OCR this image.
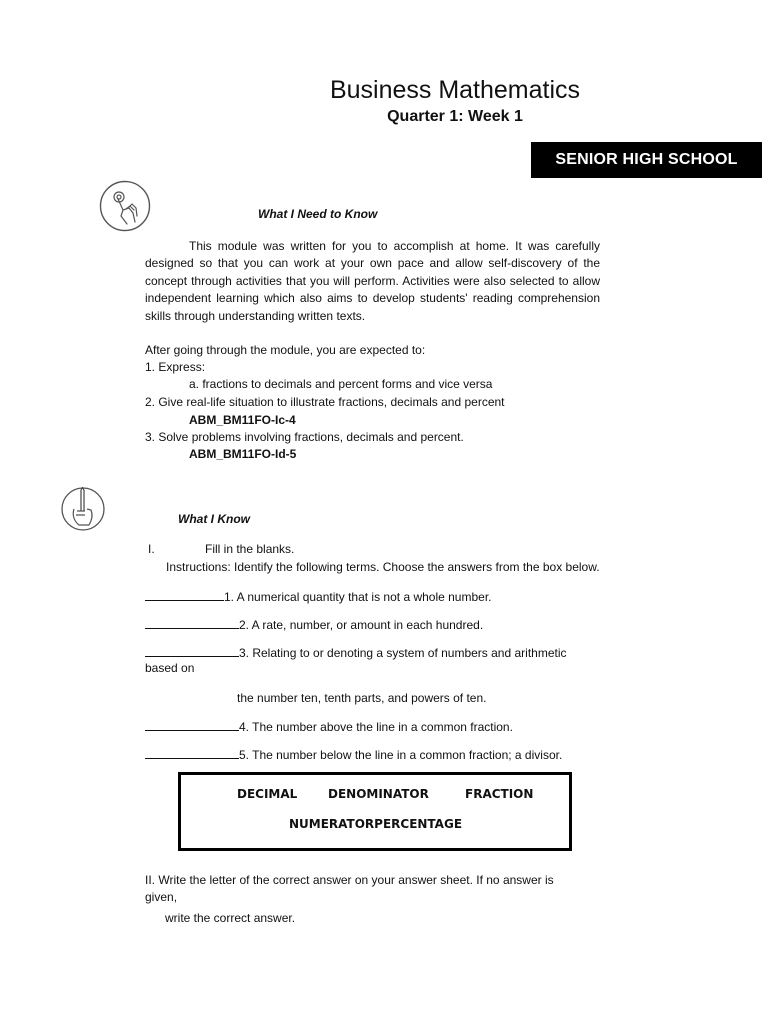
Business Mathematics
Quarter 1: Week 1
SENIOR HIGH SCHOOL
What I Need to Know
This module was written for you to accomplish at home. It was carefully designed so that you can work at your own pace and allow self-discovery of the concept through activities that you will perform. Activities were also selected to allow independent learning which also aims to develop students' reading comprehension skills through understanding written texts.
After going through the module, you are expected to:
1. Express:
a. fractions to decimals and percent forms and vice versa
2. Give real-life situation to illustrate fractions, decimals and percent
ABM_BM11FO-Ic-4
3. Solve problems involving fractions, decimals and percent.
ABM_BM11FO-Id-5
What I Know
I.	Fill in the blanks.
Instructions: Identify the following terms. Choose the answers from the box below.
1. A numerical quantity that is not a whole number.
2. A rate, number, or amount in each hundred.
3. Relating to or denoting a system of numbers and arithmetic
based on
the number ten, tenth parts, and powers of ten.
4. The number above the line in a common fraction.
5. The number below the line in a common fraction; a divisor.
DECIMAL	DENOMINATOR	FRACTION
NUMERATORPERCENTAGE
II. Write the letter of the correct answer on your answer sheet. If no answer is
given,
write the correct answer.
